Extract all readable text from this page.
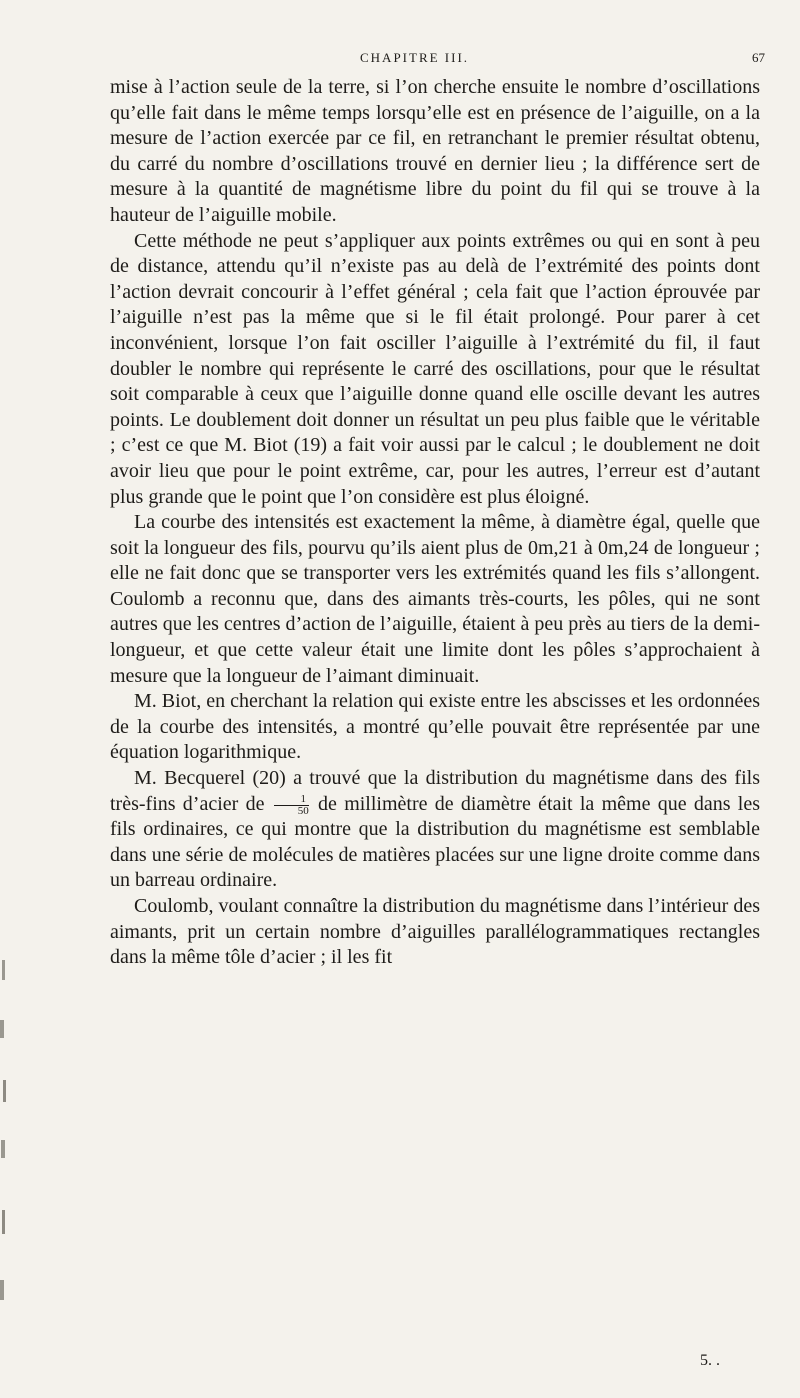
CHAPITRE III.	67

mise à l’action seule de la terre, si l’on cherche ensuite le nombre d’oscillations qu’elle fait dans le même temps lorsqu’elle est en présence de l’aiguille, on a la mesure de l’action exercée par ce fil, en retranchant le premier résultat obtenu, du carré du nombre d’oscillations trouvé en dernier lieu ; la différence sert de mesure à la quantité de magnétisme libre du point du fil qui se trouve à la hauteur de l’aiguille mobile.

Cette méthode ne peut s’appliquer aux points extrêmes ou qui en sont à peu de distance, attendu qu’il n’existe pas au delà de l’extrémité des points dont l’action devrait concourir à l’effet général ; cela fait que l’action éprouvée par l’aiguille n’est pas la même que si le fil était prolongé. Pour parer à cet inconvénient, lorsque l’on fait osciller l’aiguille à l’extrémité du fil, il faut doubler le nombre qui représente le carré des oscillations, pour que le résultat soit comparable à ceux que l’aiguille donne quand elle oscille devant les autres points. Le doublement doit donner un résultat un peu plus faible que le véritable ; c’est ce que M. Biot (19) a fait voir aussi par le calcul ; le doublement ne doit avoir lieu que pour le point extrême, car, pour les autres, l’erreur est d’autant plus grande que le point que l’on considère est plus éloigné.

La courbe des intensités est exactement la même, à diamètre égal, quelle que soit la longueur des fils, pourvu qu’ils aient plus de 0m,21 à 0m,24 de longueur ; elle ne fait donc que se transporter vers les extrémités quand les fils s’allongent. Coulomb a reconnu que, dans des aimants très-courts, les pôles, qui ne sont autres que les centres d’action de l’aiguille, étaient à peu près au tiers de la demi-longueur, et que cette valeur était une limite dont les pôles s’approchaient à mesure que la longueur de l’aimant diminuait.

M. Biot, en cherchant la relation qui existe entre les abscisses et les ordonnées de la courbe des intensités, a montré qu’elle pouvait être représentée par une équation logarithmique.

M. Becquerel (20) a trouvé que la distribution du magnétisme dans des fils très-fins d’acier de $\frac{1}{50}$ de millimètre de diamètre était la même que dans les fils ordinaires, ce qui montre que la distribution du magnétisme est semblable dans une série de molécules de matières placées sur une ligne droite comme dans un barreau ordinaire.

Coulomb, voulant connaître la distribution du magnétisme dans l’intérieur des aimants, prit un certain nombre d’aiguilles parallélogrammatiques rectangles dans la même tôle d’acier ; il les fit

5. .
